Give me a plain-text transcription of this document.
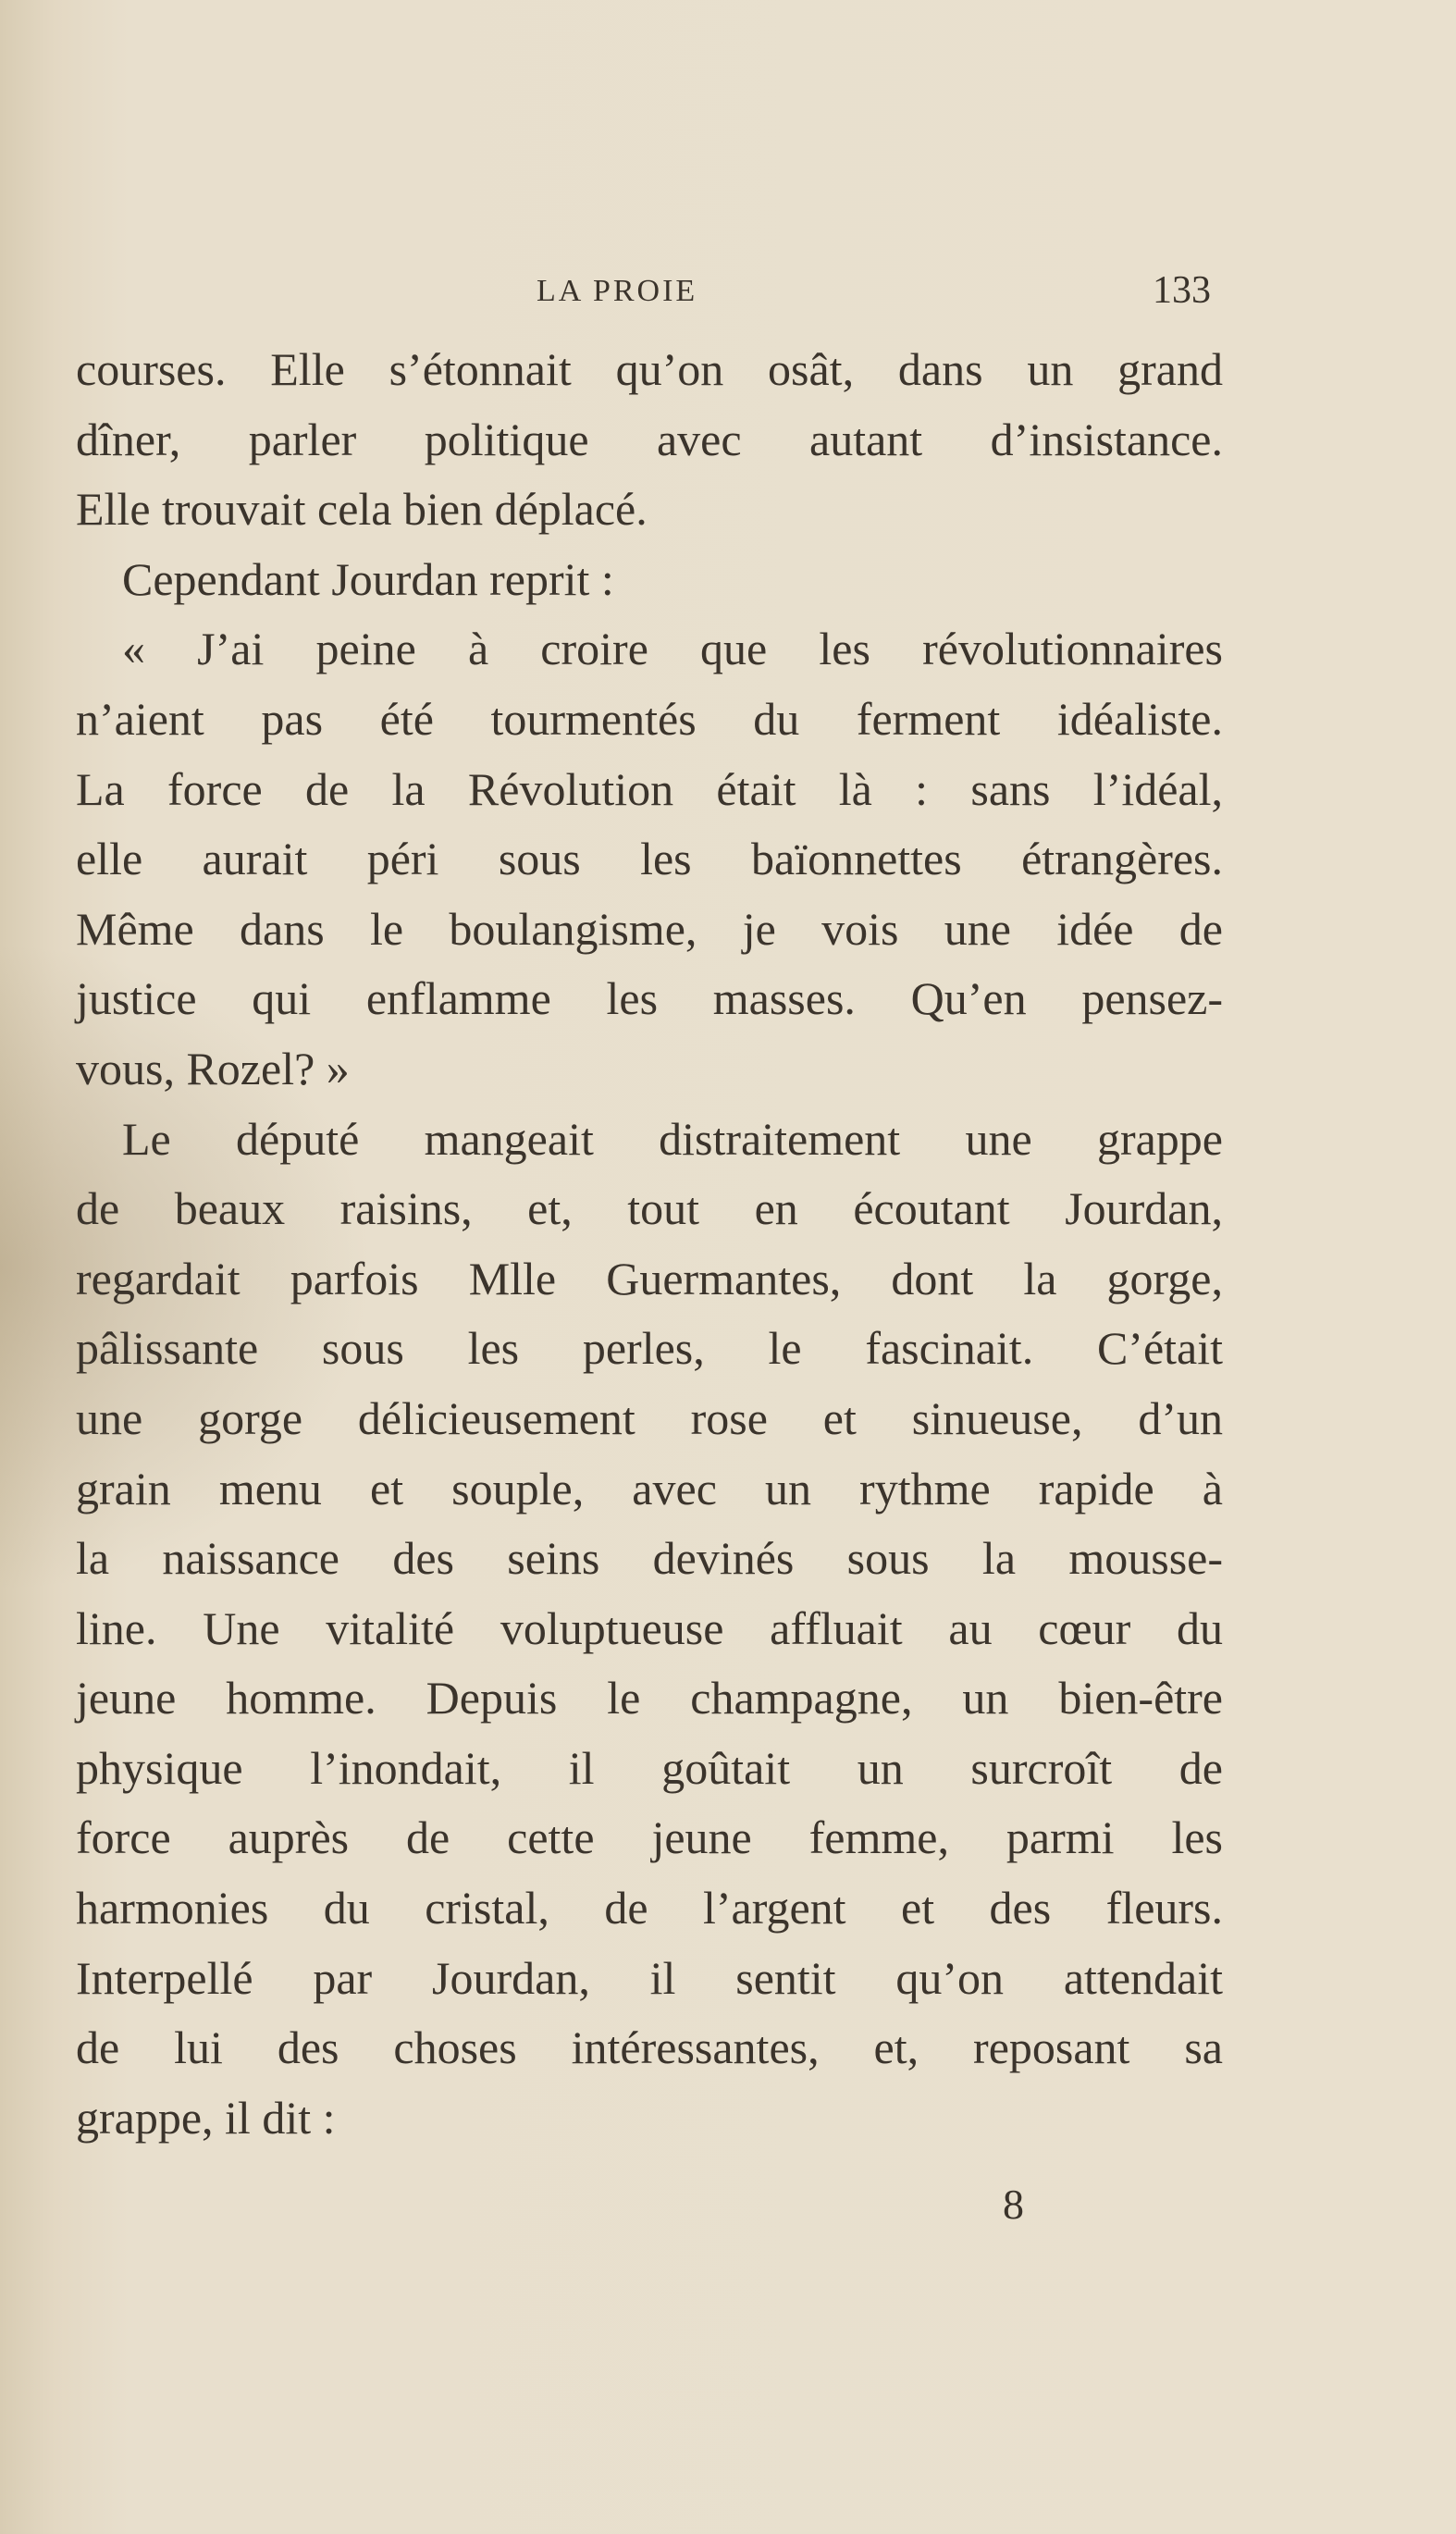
LA PROIE	133
courses. Elle s’étonnait qu’on osât, dans un grand
dîner, parler politique avec autant d’insistance.
Elle trouvait cela bien déplacé.
Cependant Jourdan reprit :
« J’ai peine à croire que les révolutionnaires
n’aient pas été tourmentés du ferment idéaliste.
La force de la Révolution était là : sans l’idéal,
elle aurait péri sous les baïonnettes étrangères.
Même dans le boulangisme, je vois une idée de
justice qui enflamme les masses. Qu’en pensez-
vous, Rozel? »
Le député mangeait distraitement une grappe
de beaux raisins, et, tout en écoutant Jourdan,
regardait parfois Mlle Guermantes, dont la gorge,
pâlissante sous les perles, le fascinait. C’était
une gorge délicieusement rose et sinueuse, d’un
grain menu et souple, avec un rythme rapide à
la naissance des seins devinés sous la mousse-
line. Une vitalité voluptueuse affluait au cœur du
jeune homme. Depuis le champagne, un bien-être
physique l’inondait, il goûtait un surcroît de
force auprès de cette jeune femme, parmi les
harmonies du cristal, de l’argent et des fleurs.
Interpellé par Jourdan, il sentit qu’on attendait
de lui des choses intéressantes, et, reposant sa
grappe, il dit :
8
